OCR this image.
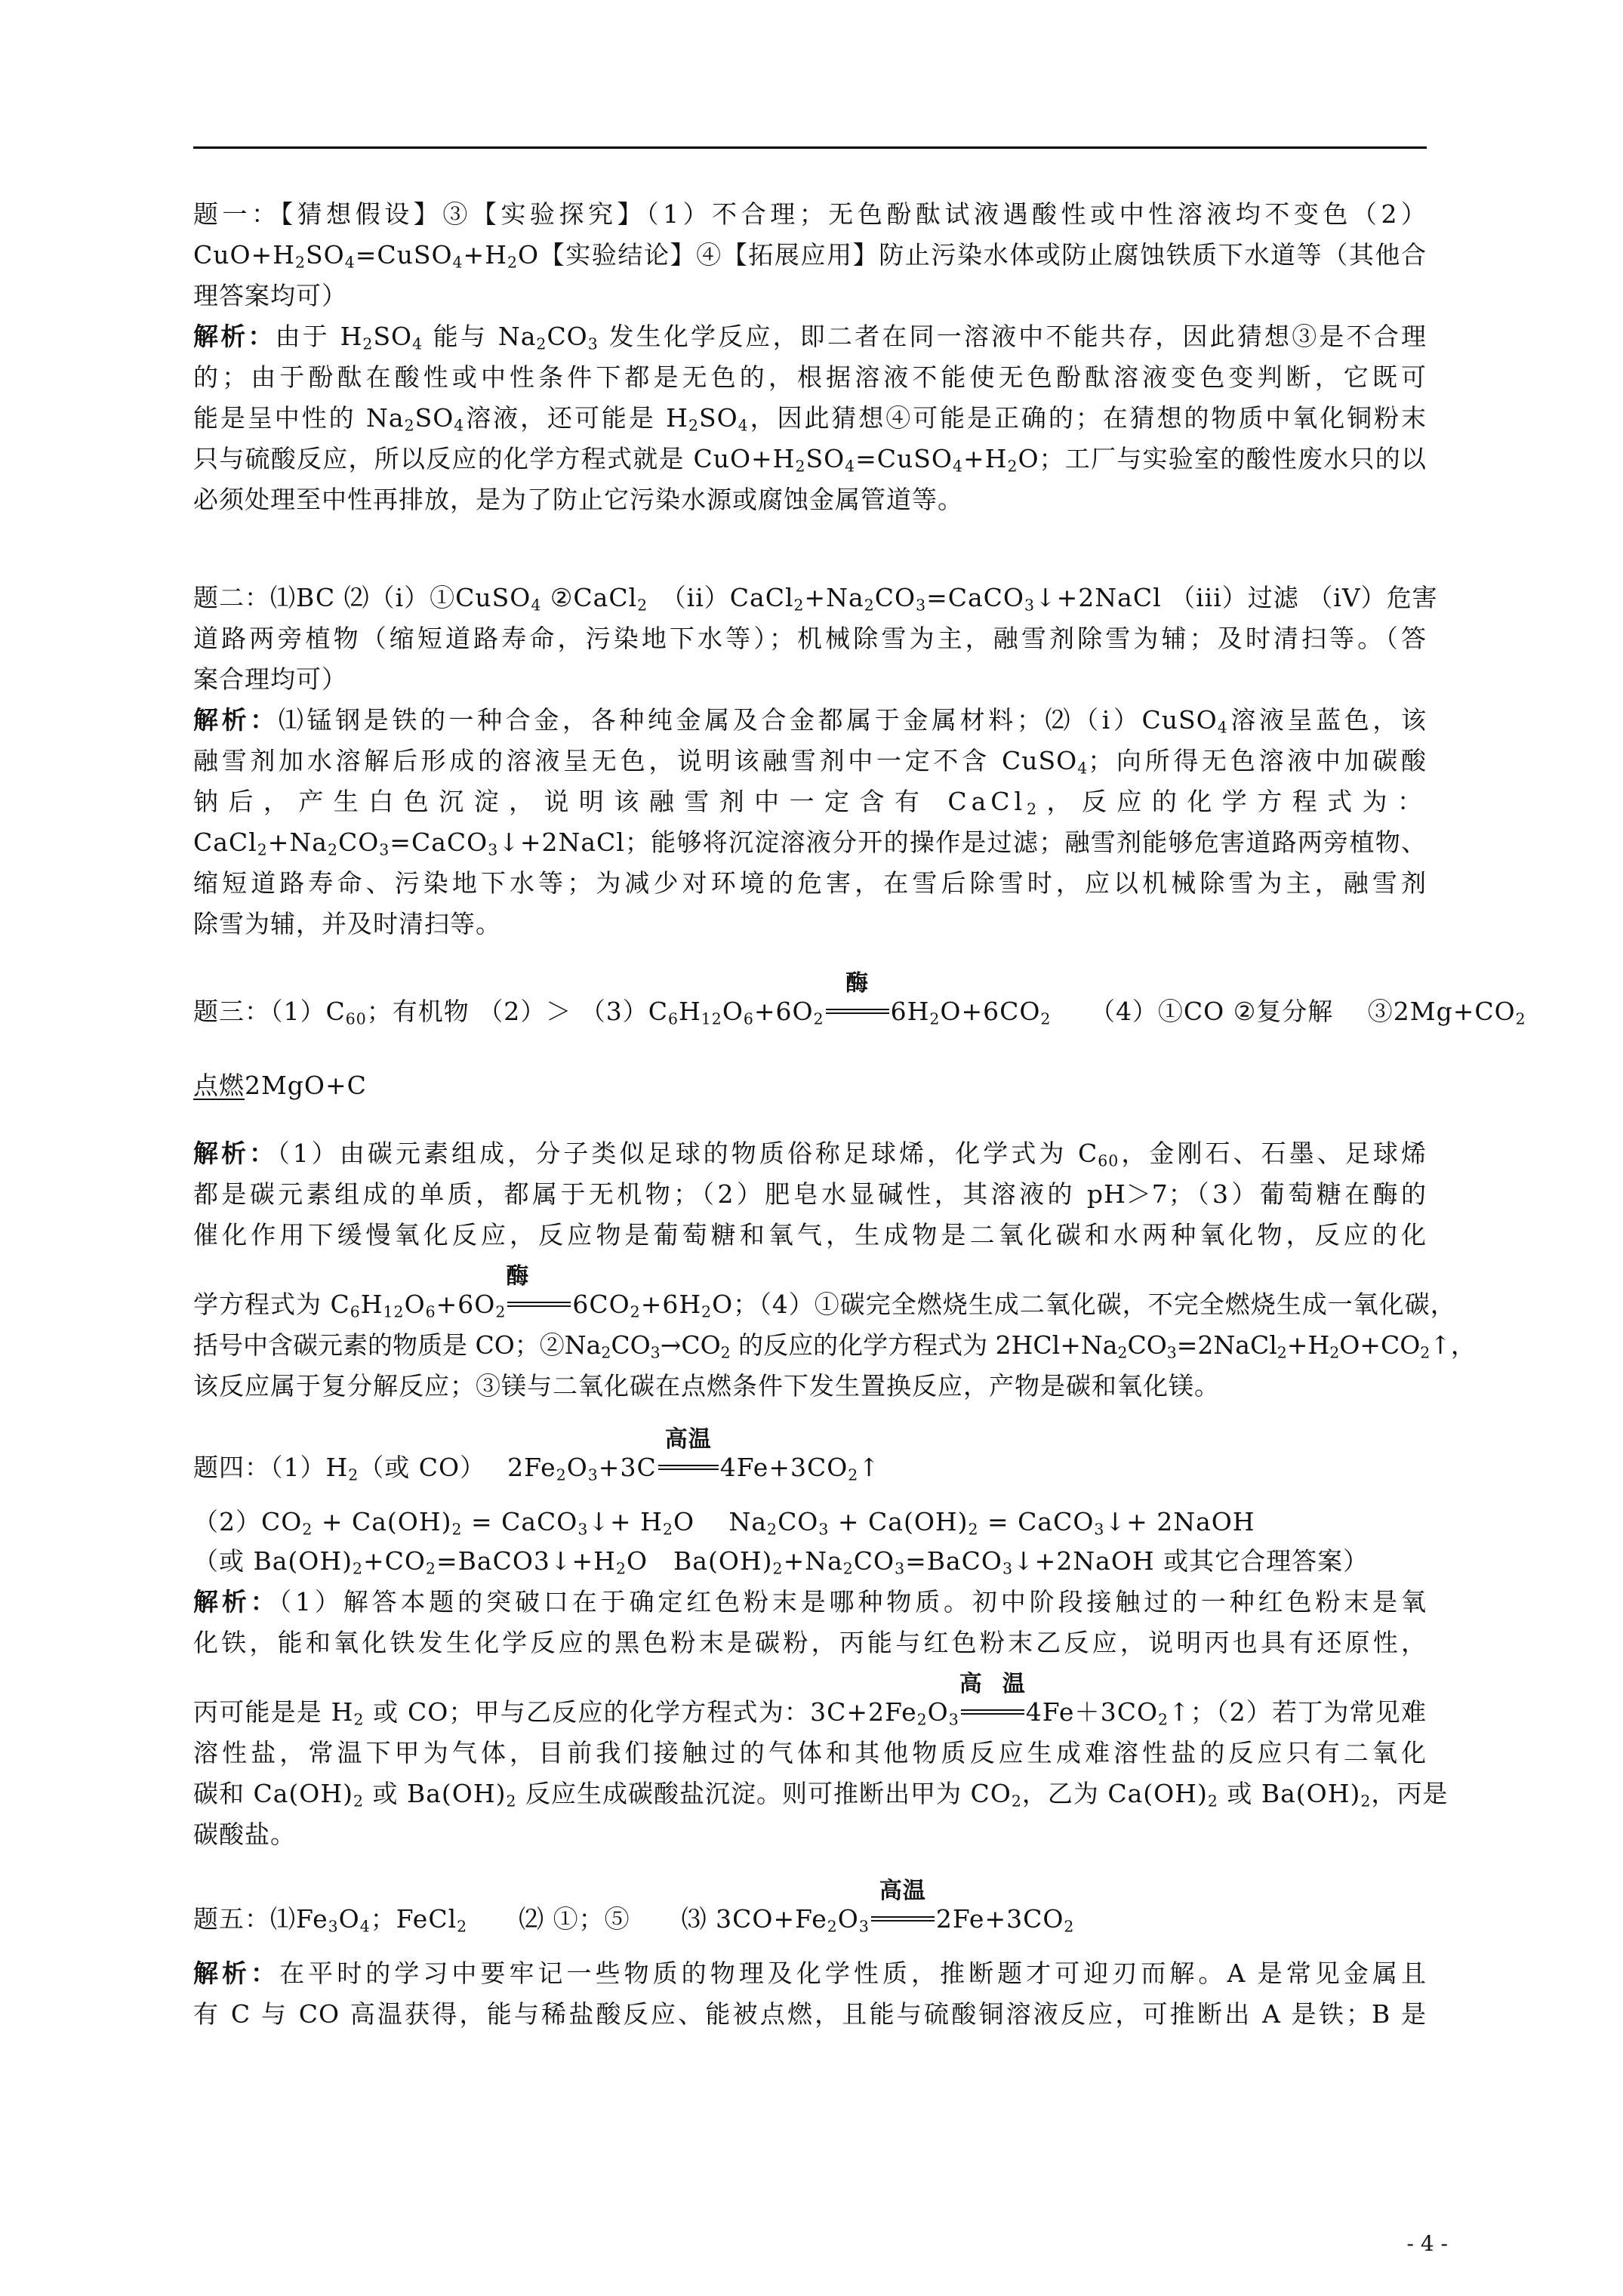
题一：【猜想假设】③【实验探究】（1）不合理；无色酚酞试液遇酸性或中性溶液均不变色（2）
$CuO+H_2SO_4=CuSO_4+H_2O$【实验结论】④【拓展应用】防止污染水体或防止腐蚀铁质下水道等（其他合
理答案均可）
解析：由于 $H_2SO_4$ 能与 $Na_2CO_3$ 发生化学反应，即二者在同一溶液中不能共存，因此猜想③是不合理
的；由于酚酞在酸性或中性条件下都是无色的，根据溶液不能使无色酚酞溶液变色变判断，它既可
能是呈中性的 $Na_2SO_4$溶液，还可能是 $H_2SO_4$，因此猜想④可能是正确的；在猜想的物质中氧化铜粉末
只与硫酸反应，所以反应的化学方程式就是 $CuO+H_2SO_4=CuSO_4+H_2O$；工厂与实验室的酸性废水只的以
必须处理至中性再排放，是为了防止它污染水源或腐蚀金属管道等。
题二：⑴BC ⑵（i）①CuSO$_4$ ②CaCl$_2$　$(ii)CaCl_2+Na_2CO_3=CaCO_3↓+2NaCl$ （iii）过滤 （iV）危害
道路两旁植物（缩短道路寿命，污染地下水等）；机械除雪为主，融雪剂除雪为辅；及时清扫等。（答
案合理均可）
解析：⑴锰钢是铁的一种合金，各种纯金属及合金都属于金属材料；⑵（i）CuSO$_4$溶液呈蓝色，该
融雪剂加水溶解后形成的溶液呈无色，说明该融雪剂中一定不含 CuSO$_4$；向所得无色溶液中加碳酸
钠后，产生白色沉淀，说明该融雪剂中一定含有 CaCl$_2$，反应的化学方程式为：
$CaCl_2+Na_2CO_3=CaCO_3↓+2NaCl$；能够将沉淀溶液分开的操作是过滤；融雪剂能够危害道路两旁植物、
缩短道路寿命、污染地下水等；为减少对环境的危害，在雪后除雪时，应以机械除雪为主，融雪剂
除雪为辅，并及时清扫等。
题三：$(1)C_{60}$；有机物 $(2)> (3)C_6H_{12}O_6+6O_2$
酶
$6H_2O+6CO_2$　　（4）①CO ②复分解　 $③2Mg+CO_2$
点燃2MgO+C
解析：（1）由碳元素组成，分子类似足球的物质俗称足球烯，化学式为 $C_{60}$，金刚石、石墨、足球烯
都是碳元素组成的单质，都属于无机物；（2）肥皂水显碱性，其溶液的 pH＞7；（3）葡萄糖在酶的
催化作用下缓慢氧化反应，反应物是葡萄糖和氧气，生成物是二氧化碳和水两种氧化物，反应的化
学方程式为 $C_6H_{12}O_6+6O_2$
酶
$6CO_2+6H_2O$；（4）①碳完全燃烧生成二氧化碳，不完全燃烧生成一氧化碳，
括号中含碳元素的物质是 CO；$②Na_2CO_3\to CO_2$ 的反应的化学方程式为 $2HCl+Na_2CO_3=2NaCl_2+H_2O+CO_2↑$，
该反应属于复分解反应；③镁与二氧化碳在点燃条件下发生置换反应，产物是碳和氧化镁。
题四：$(1)H_2$（或 CO）　 $2Fe_2O_3+3C$
高温
$4Fe+3CO_2↑$
$(2)CO_2 + Ca(OH)_2$ = CaCO$_3$↓+ $H_2O$　 $Na_2CO_3 + Ca(OH)_2$ = CaCO$_3$↓+ 2NaOH
（或 $Ba(OH)_2+CO_2=BaCO3↓+H_2O$　$Ba(OH)_2+Na_2CO_3=BaCO_3↓+2NaOH$ 或其它合理答案）
解析：（1）解答本题的突破口在于确定红色粉末是哪种物质。初中阶段接触过的一种红色粉末是氧
化铁，能和氧化铁发生化学反应的黑色粉末是碳粉，丙能与红色粉末乙反应，说明丙也具有还原性，
丙可能是是 $H_2$ 或 CO；甲与乙反应的化学方程式为：$3C+2Fe_2O_3$
高温
$4Fe+3CO_2↑$；（2）若丁为常见难
溶性盐，常温下甲为气体，目前我们接触过的气体和其他物质反应生成难溶性盐的反应只有二氧化
碳和 $Ca(OH)_2$ 或 $Ba(OH)_2$ 反应生成碳酸盐沉淀。则可推断出甲为 $CO_2$，乙为 $Ca(OH)_2$ 或 $Ba(OH)_2$，丙是
碳酸盐。
题五：$⑴Fe_3O_4$；FeCl$_2$　　⑵ ①；⑤　　⑶ $3CO+Fe_2O_3$
高温
$2Fe+3CO_2$
解析：在平时的学习中要牢记一些物质的物理及化学性质，推断题才可迎刃而解。A 是常见金属且
有 C 与 CO 高温获得，能与稀盐酸反应、能被点燃，且能与硫酸铜溶液反应，可推断出 A 是铁；B 是
- 4 -
